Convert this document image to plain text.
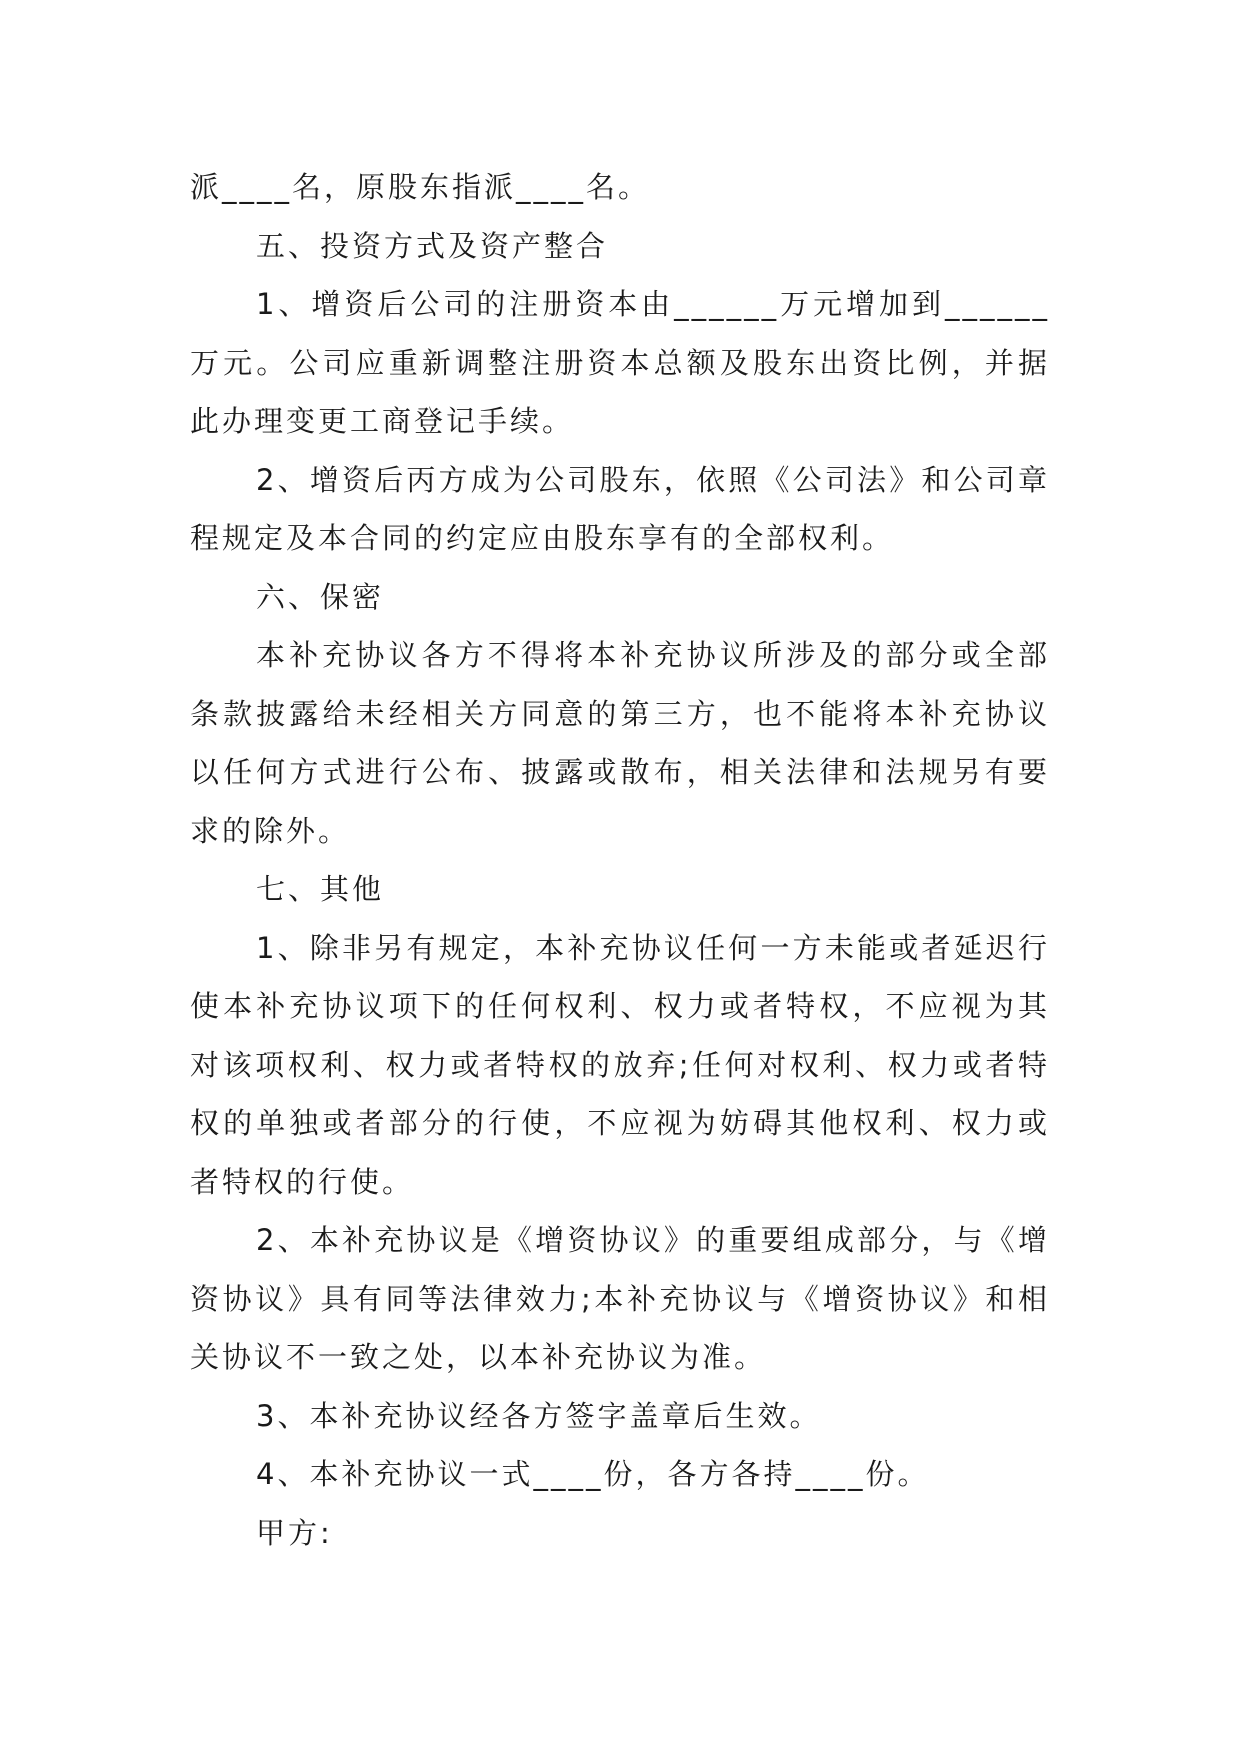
派____名，原股东指派____名。

五、投资方式及资产整合

1、增资后公司的注册资本由______万元增加到______万元。公司应重新调整注册资本总额及股东出资比例，并据此办理变更工商登记手续。

2、增资后丙方成为公司股东，依照《公司法》和公司章程规定及本合同的约定应由股东享有的全部权利。

六、保密

本补充协议各方不得将本补充协议所涉及的部分或全部条款披露给未经相关方同意的第三方，也不能将本补充协议以任何方式进行公布、披露或散布，相关法律和法规另有要求的除外。

七、其他

1、除非另有规定，本补充协议任何一方未能或者延迟行使本补充协议项下的任何权利、权力或者特权，不应视为其对该项权利、权力或者特权的放弃;任何对权利、权力或者特权的单独或者部分的行使，不应视为妨碍其他权利、权力或者特权的行使。

2、本补充协议是《增资协议》的重要组成部分，与《增资协议》具有同等法律效力;本补充协议与《增资协议》和相关协议不一致之处，以本补充协议为准。

3、本补充协议经各方签字盖章后生效。

4、本补充协议一式____份，各方各持____份。

甲方:
